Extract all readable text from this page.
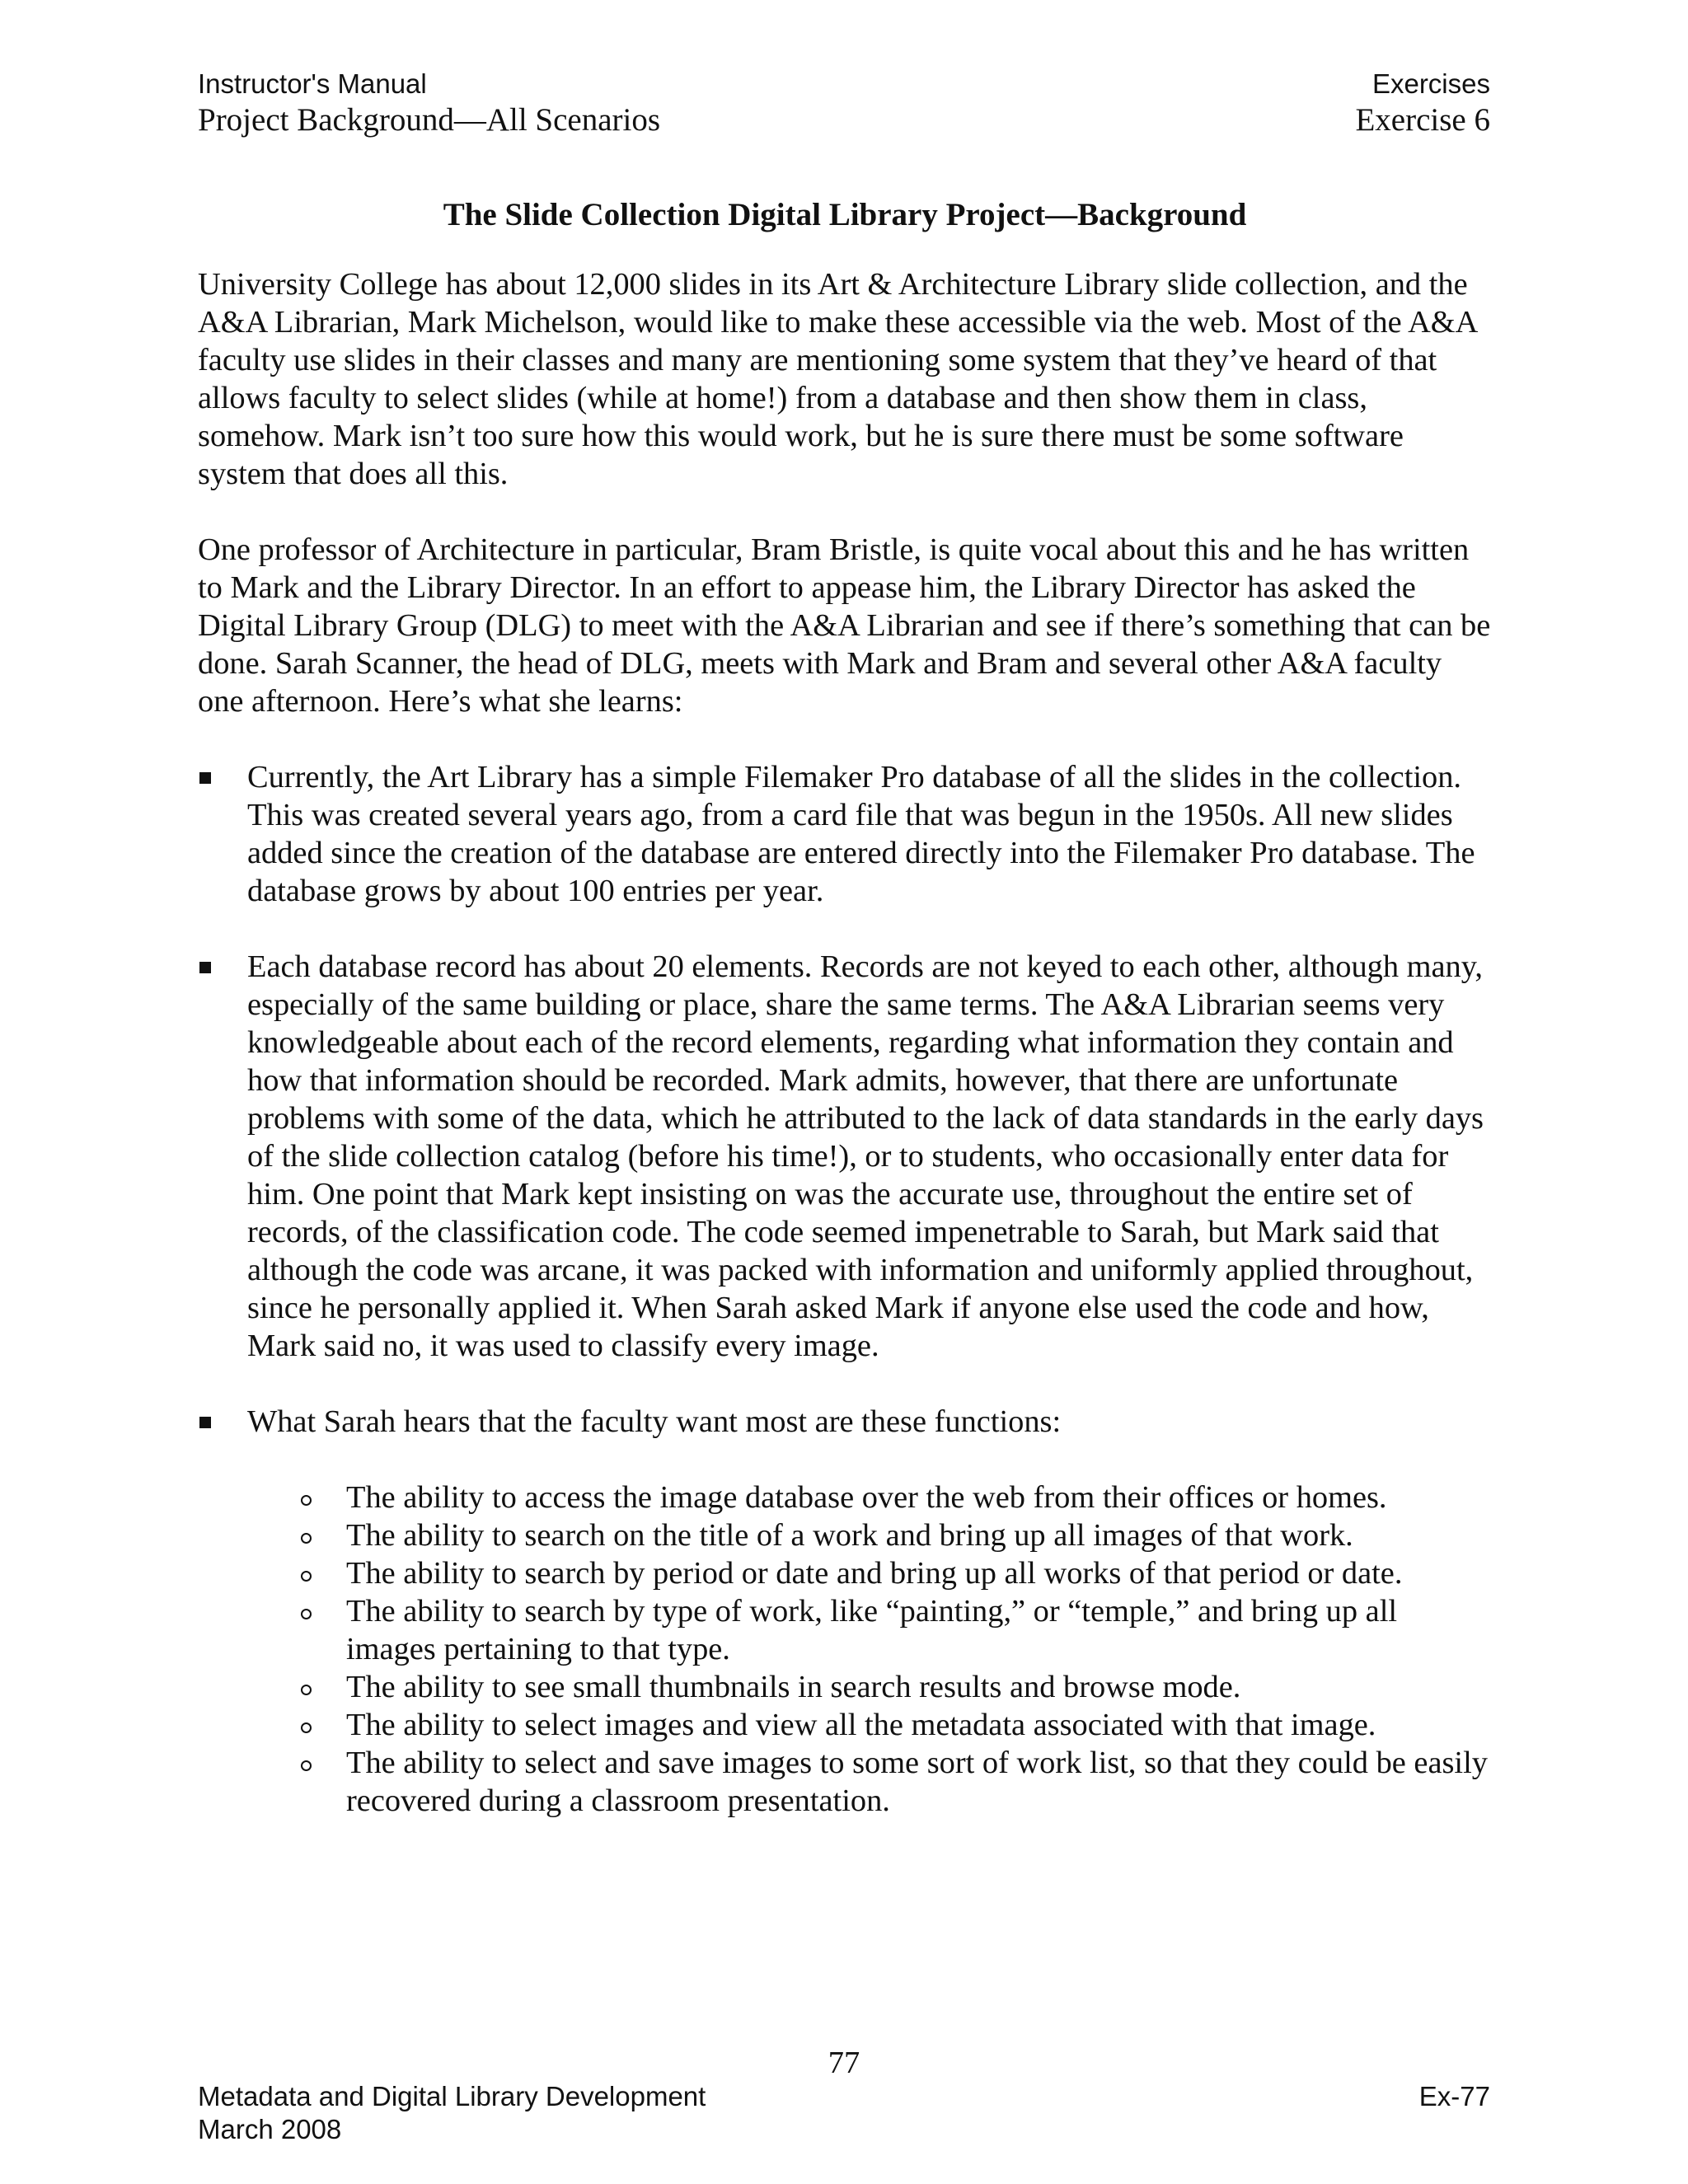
Instructor's Manual
Project Background—All Scenarios
Exercises
Exercise 6
The Slide Collection Digital Library Project—Background

University College has about 12,000 slides in its Art & Architecture Library slide collection, and the A&A Librarian, Mark Michelson, would like to make these accessible via the web. Most of the A&A faculty use slides in their classes and many are mentioning some system that they’ve heard of that allows faculty to select slides (while at home!) from a database and then show them in class, somehow. Mark isn’t too sure how this would work, but he is sure there must be some software system that does all this.

One professor of Architecture in particular, Bram Bristle, is quite vocal about this and he has written to Mark and the Library Director. In an effort to appease him, the Library Director has asked the Digital Library Group (DLG) to meet with the A&A Librarian and see if there’s something that can be done. Sarah Scanner, the head of DLG, meets with Mark and Bram and several other A&A faculty one afternoon. Here’s what she learns:

Currently, the Art Library has a simple Filemaker Pro database of all the slides in the collection. This was created several years ago, from a card file that was begun in the 1950s. All new slides added since the creation of the database are entered directly into the Filemaker Pro database. The database grows by about 100 entries per year.
Each database record has about 20 elements. Records are not keyed to each other, although many, especially of the same building or place, share the same terms. The A&A Librarian seems very knowledgeable about each of the record elements, regarding what information they contain and how that information should be recorded. Mark admits, however, that there are unfortunate problems with some of the data, which he attributed to the lack of data standards in the early days of the slide collection catalog (before his time!), or to students, who occasionally enter data for him. One point that Mark kept insisting on was the accurate use, throughout the entire set of records, of the classification code. The code seemed impenetrable to Sarah, but Mark said that although the code was arcane, it was packed with information and uniformly applied throughout, since he personally applied it. When Sarah asked Mark if anyone else used the code and how, Mark said no, it was used to classify every image.
What Sarah hears that the faculty want most are these functions:
The ability to access the image database over the web from their offices or homes.
The ability to search on the title of a work and bring up all images of that work.
The ability to search by period or date and bring up all works of that period or date.
The ability to search by type of work, like “painting,” or “temple,” and bring up all images pertaining to that type.
The ability to see small thumbnails in search results and browse mode.
The ability to select images and view all the metadata associated with that image.
The ability to select and save images to some sort of work list, so that they could be easily recovered during a classroom presentation.
77
Metadata and Digital Library Development
March 2008
Ex-77
